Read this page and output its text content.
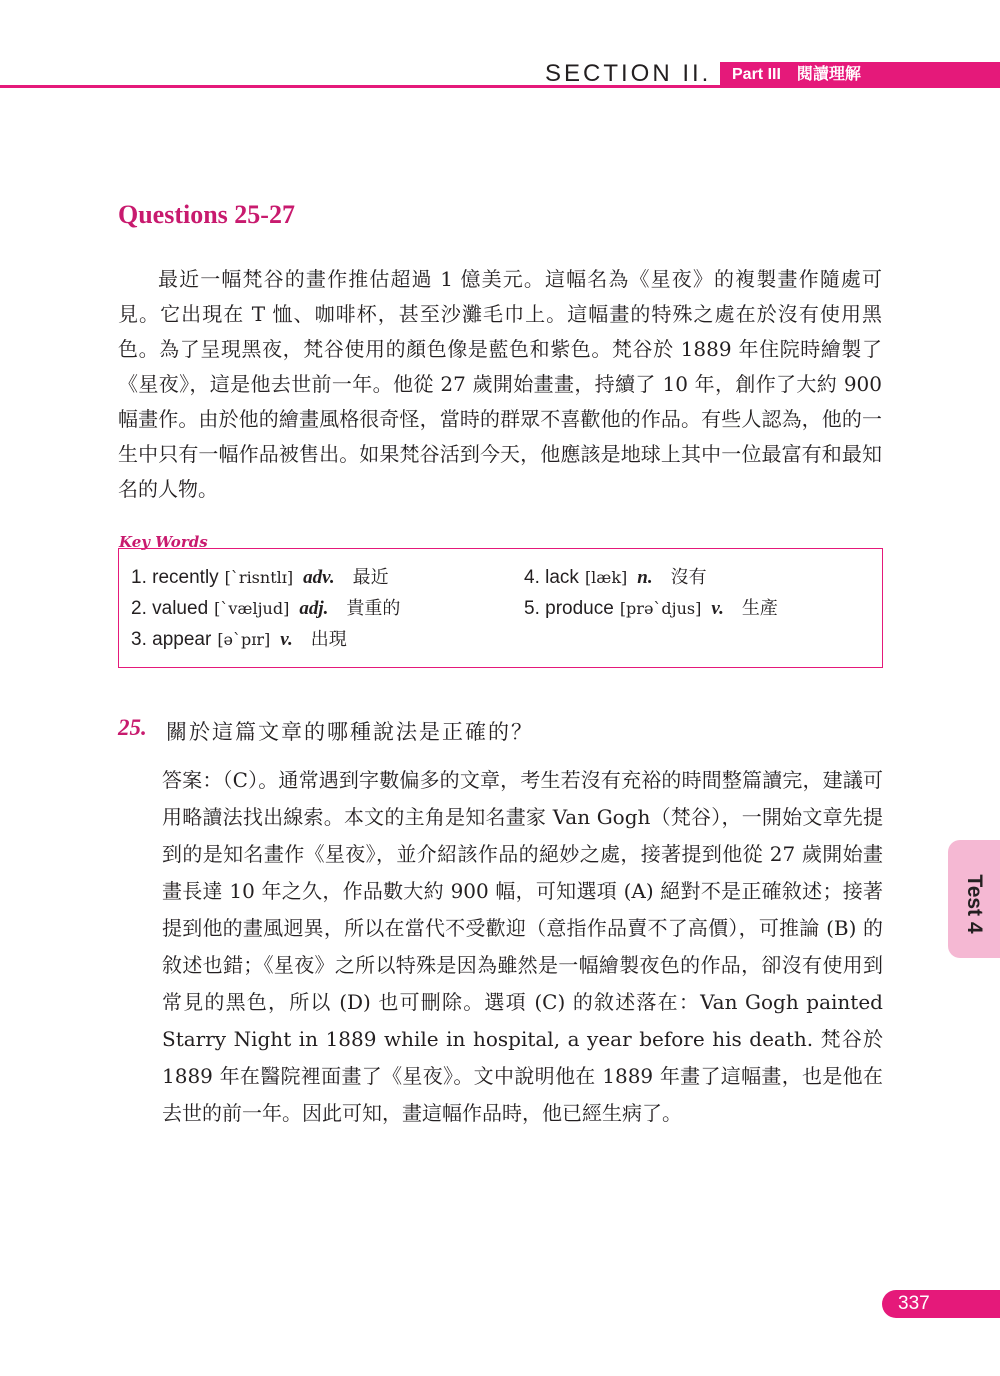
SECTION II.	Part III 閱讀理解
Questions 25-27

最近一幅梵谷的畫作推估超過 1 億美元。這幅名為《星夜》的複製畫作隨處可見。它出現在 T 恤、咖啡杯，甚至沙灘毛巾上。這幅畫的特殊之處在於沒有使用黑色。為了呈現黑夜，梵谷使用的顏色像是藍色和紫色。梵谷於 1889 年住院時繪製了《星夜》，這是他去世前一年。他從 27 歲開始畫畫，持續了 10 年，創作了大約 900 幅畫作。由於他的繪畫風格很奇怪，當時的群眾不喜歡他的作品。有些人認為，他的一生中只有一幅作品被售出。如果梵谷活到今天，他應該是地球上其中一位最富有和最知名的人物。

Key Words
1. recently [ˋrisntlɪ] adv. 最近
2. valued [ˋvæljud] adj. 貴重的
3. appear [əˋpɪr] v. 出現
4. lack [læk] n. 沒有
5. produce [prəˋdjus] v. 生產
25. 關於這篇文章的哪種說法是正確的？

答案：（C）。通常遇到字數偏多的文章，考生若沒有充裕的時間整篇讀完，建議可用略讀法找出線索。本文的主角是知名畫家 Van Gogh（梵谷），一開始文章先提到的是知名畫作《星夜》，並介紹該作品的絕妙之處，接著提到他從 27 歲開始畫畫長達 10 年之久，作品數大約 900 幅，可知選項 (A) 絕對不是正確敘述；接著提到他的畫風迥異，所以在當代不受歡迎（意指作品賣不了高價），可推論 (B) 的敘述也錯；《星夜》之所以特殊是因為雖然是一幅繪製夜色的作品，卻沒有使用到常見的黑色，所以 (D) 也可刪除。選項 (C) 的敘述落在：Van Gogh painted Starry Night in 1889 while in hospital, a year before his death. 梵谷於 1889 年在醫院裡面畫了《星夜》。文中說明他在 1889 年畫了這幅畫，也是他在去世的前一年。因此可知，畫這幅作品時，他已經生病了。

Test 4
337
